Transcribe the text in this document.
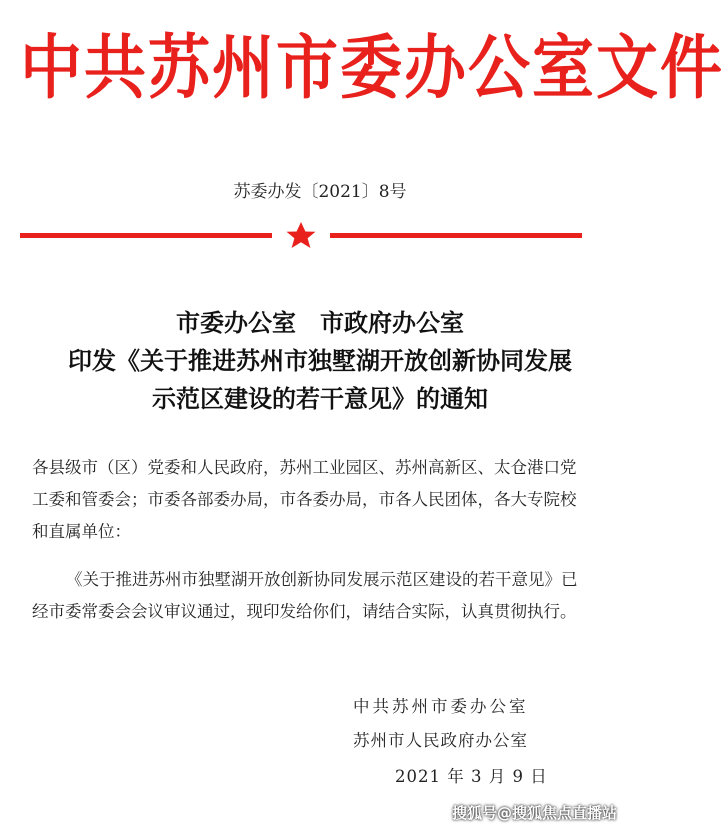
中共苏州市委办公室文件
苏委办发〔2021〕8号
市委办公室　市政府办公室
印发《关于推进苏州市独墅湖开放创新协同发展
示范区建设的若干意见》的通知
各县级市（区）党委和人民政府，苏州工业园区、苏州高新区、太仓港口党工委和管委会；市委各部委办局，市各委办局，市各人民团体，各大专院校和直属单位：
《关于推进苏州市独墅湖开放创新协同发展示范区建设的若干意见》已经市委常委会会议审议通过，现印发给你们，请结合实际，认真贯彻执行。
中共苏州市委办公室
苏州市人民政府办公室
2021 年 3 月 9 日
搜狐号@搜狐焦点直播站
